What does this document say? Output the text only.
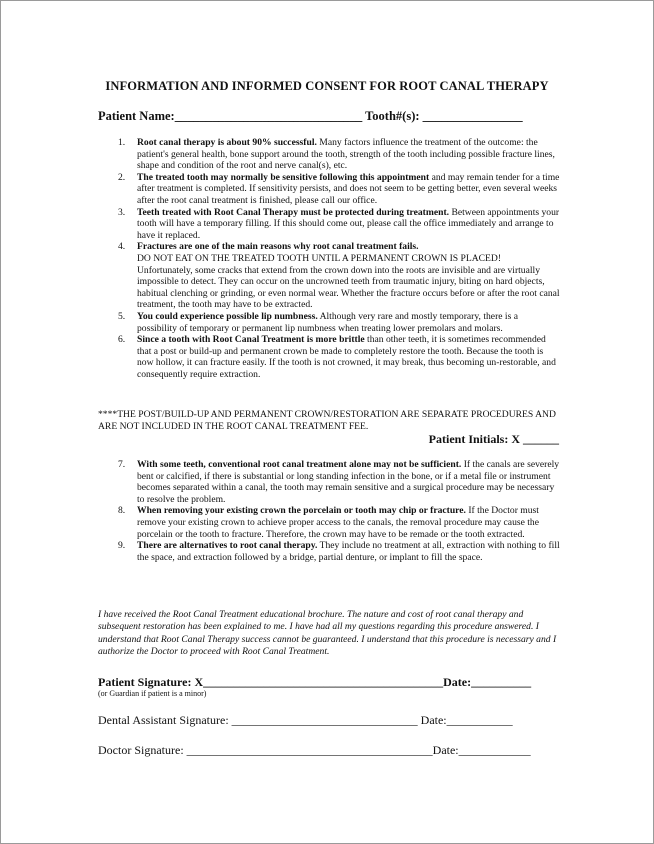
INFORMATION AND INFORMED CONSENT FOR ROOT CANAL THERAPY
Patient Name:______________________________ Tooth#(s): ________________
1. Root canal therapy is about 90% successful. Many factors influence the treatment of the outcome: the patient's general health, bone support around the tooth, strength of the tooth including possible fracture lines, shape and condition of the root and nerve canal(s), etc.
2. The treated tooth may normally be sensitive following this appointment and may remain tender for a time after treatment is completed. If sensitivity persists, and does not seem to be getting better, even several weeks after the root canal treatment is finished, please call our office.
3. Teeth treated with Root Canal Therapy must be protected during treatment. Between appointments your tooth will have a temporary filling. If this should come out, please call the office immediately and arrange to have it replaced.
4. Fractures are one of the main reasons why root canal treatment fails.
DO NOT EAT ON THE TREATED TOOTH UNTIL A PERMANENT CROWN IS PLACED!
Unfortunately, some cracks that extend from the crown down into the roots are invisible and are virtually impossible to detect. They can occur on the uncrowned teeth from traumatic injury, biting on hard objects, habitual clenching or grinding, or even normal wear. Whether the fracture occurs before or after the root canal treatment, the tooth may have to be extracted.
5. You could experience possible lip numbness. Although very rare and mostly temporary, there is a possibility of temporary or permanent lip numbness when treating lower premolars and molars.
6. Since a tooth with Root Canal Treatment is more brittle than other teeth, it is sometimes recommended that a post or build-up and permanent crown be made to completely restore the tooth. Because the tooth is now hollow, it can fracture easily. If the tooth is not crowned, it may break, thus becoming un-restorable, and consequently require extraction.
****THE POST/BUILD-UP AND PERMANENT CROWN/RESTORATION ARE SEPARATE PROCEDURES AND ARE NOT INCLUDED IN THE ROOT CANAL TREATMENT FEE.
Patient Initials: X ______
7. With some teeth, conventional root canal treatment alone may not be sufficient. If the canals are severely bent or calcified, if there is substantial or long standing infection in the bone, or if a metal file or instrument becomes separated within a canal, the tooth may remain sensitive and a surgical procedure may be necessary to resolve the problem.
8. When removing your existing crown the porcelain or tooth may chip or fracture. If the Doctor must remove your existing crown to achieve proper access to the canals, the removal procedure may cause the porcelain or the tooth to fracture. Therefore, the crown may have to be remade or the tooth extracted.
9. There are alternatives to root canal therapy. They include no treatment at all, extraction with nothing to fill the space, and extraction followed by a bridge, partial denture, or implant to fill the space.
I have received the Root Canal Treatment educational brochure. The nature and cost of root canal therapy and subsequent restoration has been explained to me. I have had all my questions regarding this procedure answered. I understand that Root Canal Therapy success cannot be guaranteed. I understand that this procedure is necessary and I authorize the Doctor to proceed with Root Canal Treatment.
Patient Signature: X________________________________________Date:__________
(or Guardian if patient is a minor)
Dental Assistant Signature: _______________________________ Date:___________
Doctor Signature: _________________________________________Date:____________
